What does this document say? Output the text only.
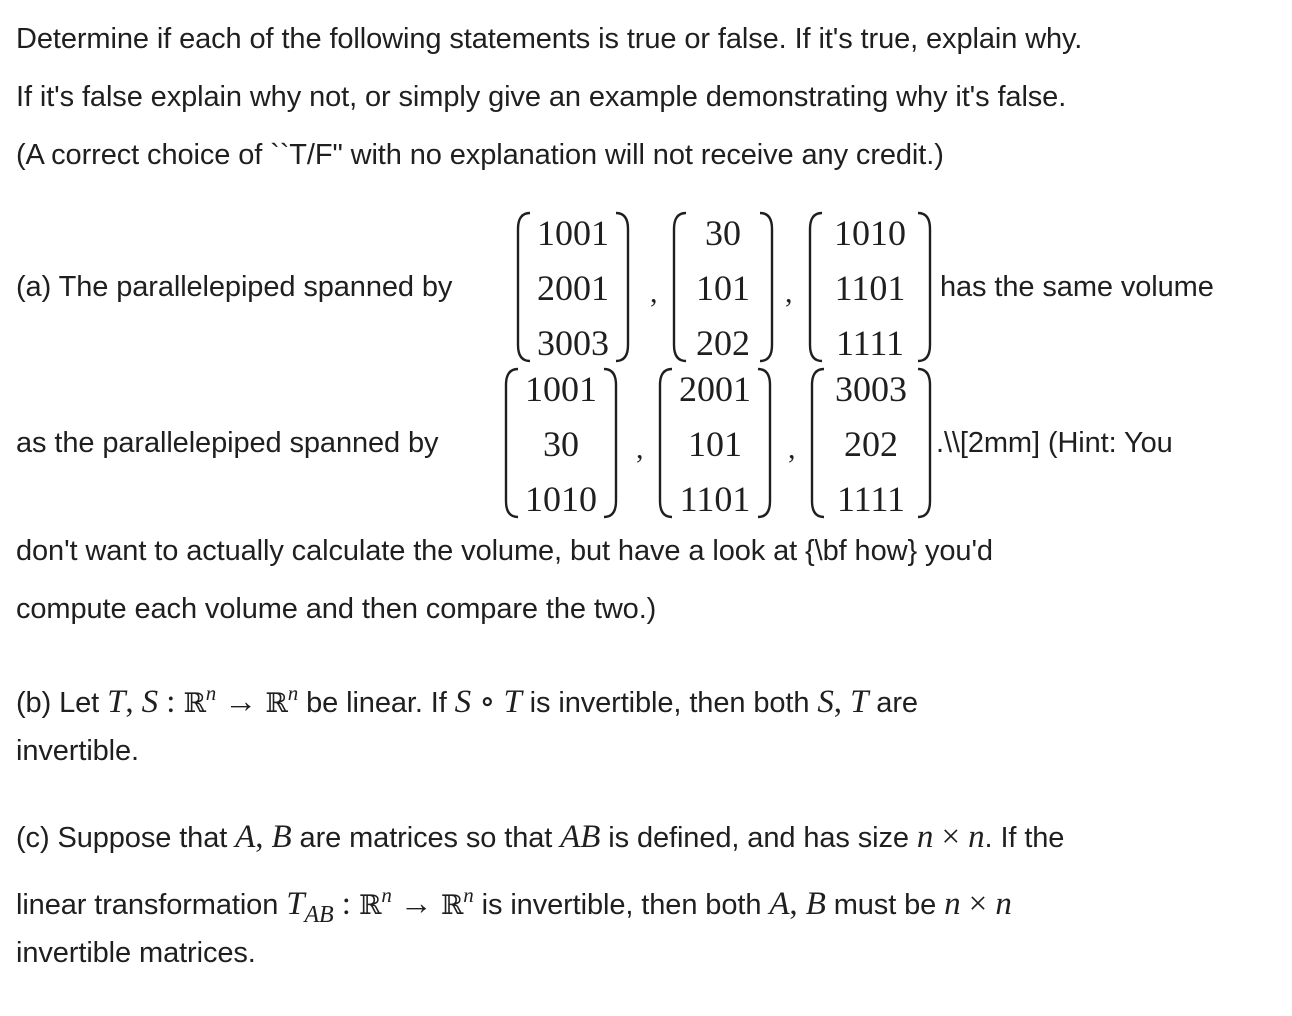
Determine if each of the following statements is true or false. If it's true, explain why.
If it's false explain why not, or simply give an example demonstrating why it's false.
(A correct choice of ``T/F" with no explanation will not receive any credit.)
(a) The parallelepiped spanned by
1001
2001
3003
,
30
101
202
,
1010
1101
1111
has the same volume
as the parallelepiped spanned by
1001
30
1010
,
2001
101
1101
,
3003
202
1111
.\\[2mm] (Hint: You
don't want to actually calculate the volume, but have a look at {\bf how} you'd
compute each volume and then compare the two.)
(b) Let T, S : ℝ$^n$ → ℝ$^n$ be linear. If S ∘ T is invertible, then both S, T are
invertible.
(c) Suppose that A, B are matrices so that AB is defined, and has size n × n. If the
linear transformation $T_{AB}$ : ℝ$^n$ → ℝ$^n$ is invertible, then both A, B must be n × n
invertible matrices.
